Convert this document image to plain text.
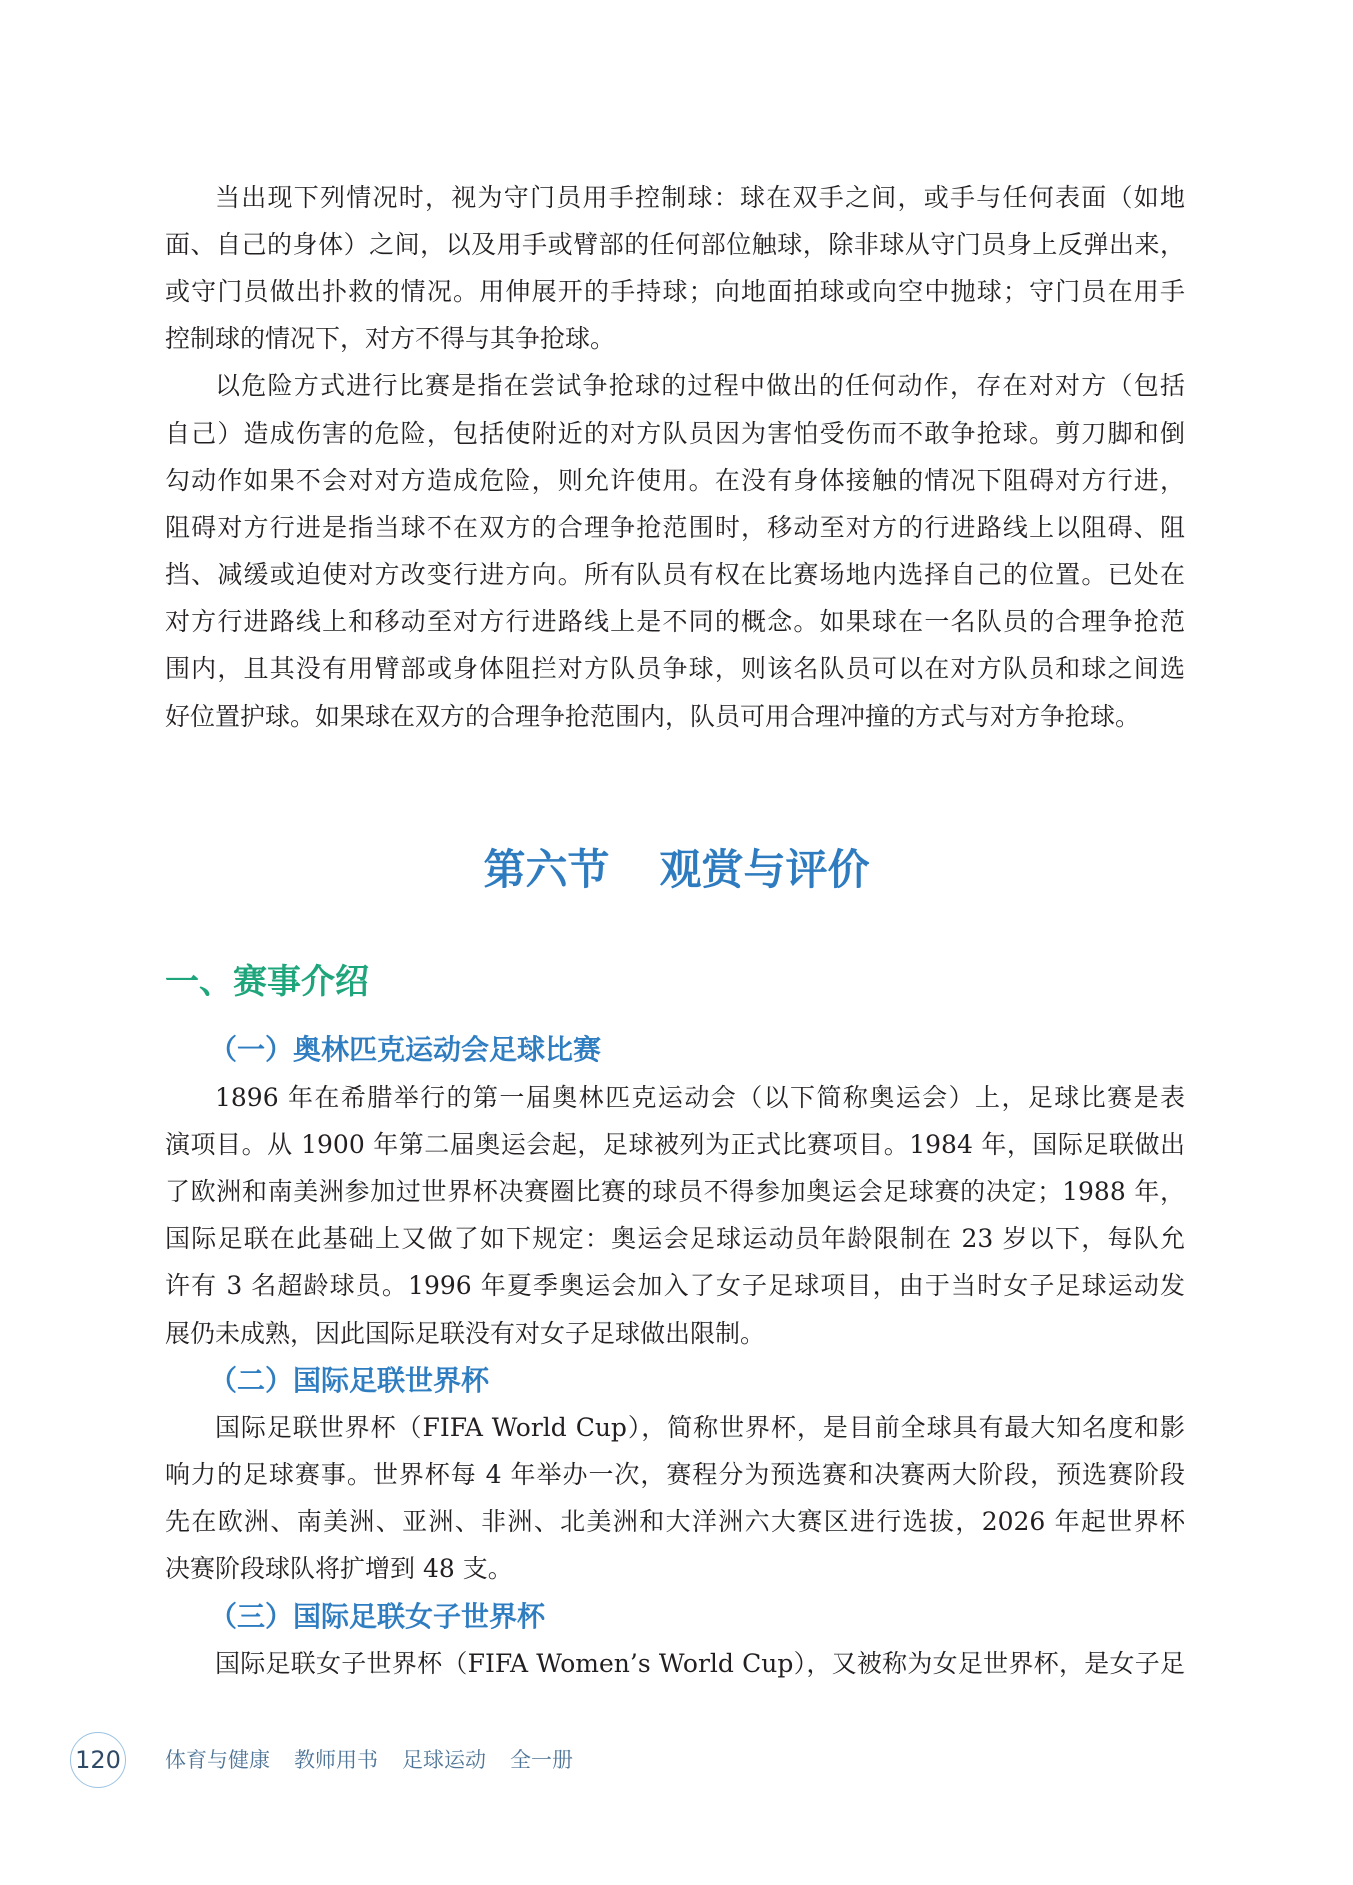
当出现下列情况时，视为守门员用手控制球：球在双手之间，或手与任何表面（如地
面、自己的身体）之间，以及用手或臂部的任何部位触球，除非球从守门员身上反弹出来，
或守门员做出扑救的情况。用伸展开的手持球；向地面拍球或向空中抛球；守门员在用手
控制球的情况下，对方不得与其争抢球。
以危险方式进行比赛是指在尝试争抢球的过程中做出的任何动作，存在对对方（包括
自己）造成伤害的危险，包括使附近的对方队员因为害怕受伤而不敢争抢球。剪刀脚和倒
勾动作如果不会对对方造成危险，则允许使用。在没有身体接触的情况下阻碍对方行进，
阻碍对方行进是指当球不在双方的合理争抢范围时，移动至对方的行进路线上以阻碍、阻
挡、减缓或迫使对方改变行进方向。所有队员有权在比赛场地内选择自己的位置。已处在
对方行进路线上和移动至对方行进路线上是不同的概念。如果球在一名队员的合理争抢范
围内，且其没有用臂部或身体阻拦对方队员争球，则该名队员可以在对方队员和球之间选
好位置护球。如果球在双方的合理争抢范围内，队员可用合理冲撞的方式与对方争抢球。
第六节 观赏与评价
一、赛事介绍
（一）奥林匹克运动会足球比赛
1896 年在希腊举行的第一届奥林匹克运动会（以下简称奥运会）上，足球比赛是表
演项目。从 1900 年第二届奥运会起，足球被列为正式比赛项目。1984 年，国际足联做出
了欧洲和南美洲参加过世界杯决赛圈比赛的球员不得参加奥运会足球赛的决定；1988 年，
国际足联在此基础上又做了如下规定：奥运会足球运动员年龄限制在 23 岁以下，每队允
许有 3 名超龄球员。1996 年夏季奥运会加入了女子足球项目，由于当时女子足球运动发
展仍未成熟，因此国际足联没有对女子足球做出限制。
（二）国际足联世界杯
国际足联世界杯（FIFA World Cup），简称世界杯，是目前全球具有最大知名度和影
响力的足球赛事。世界杯每 4 年举办一次，赛程分为预选赛和决赛两大阶段，预选赛阶段
先在欧洲、南美洲、亚洲、非洲、北美洲和大洋洲六大赛区进行选拔，2026 年起世界杯
决赛阶段球队将扩增到 48 支。
（三）国际足联女子世界杯
国际足联女子世界杯（FIFA Women’s World Cup），又被称为女足世界杯，是女子足
120 体育与健康 教师用书 足球运动 全一册
